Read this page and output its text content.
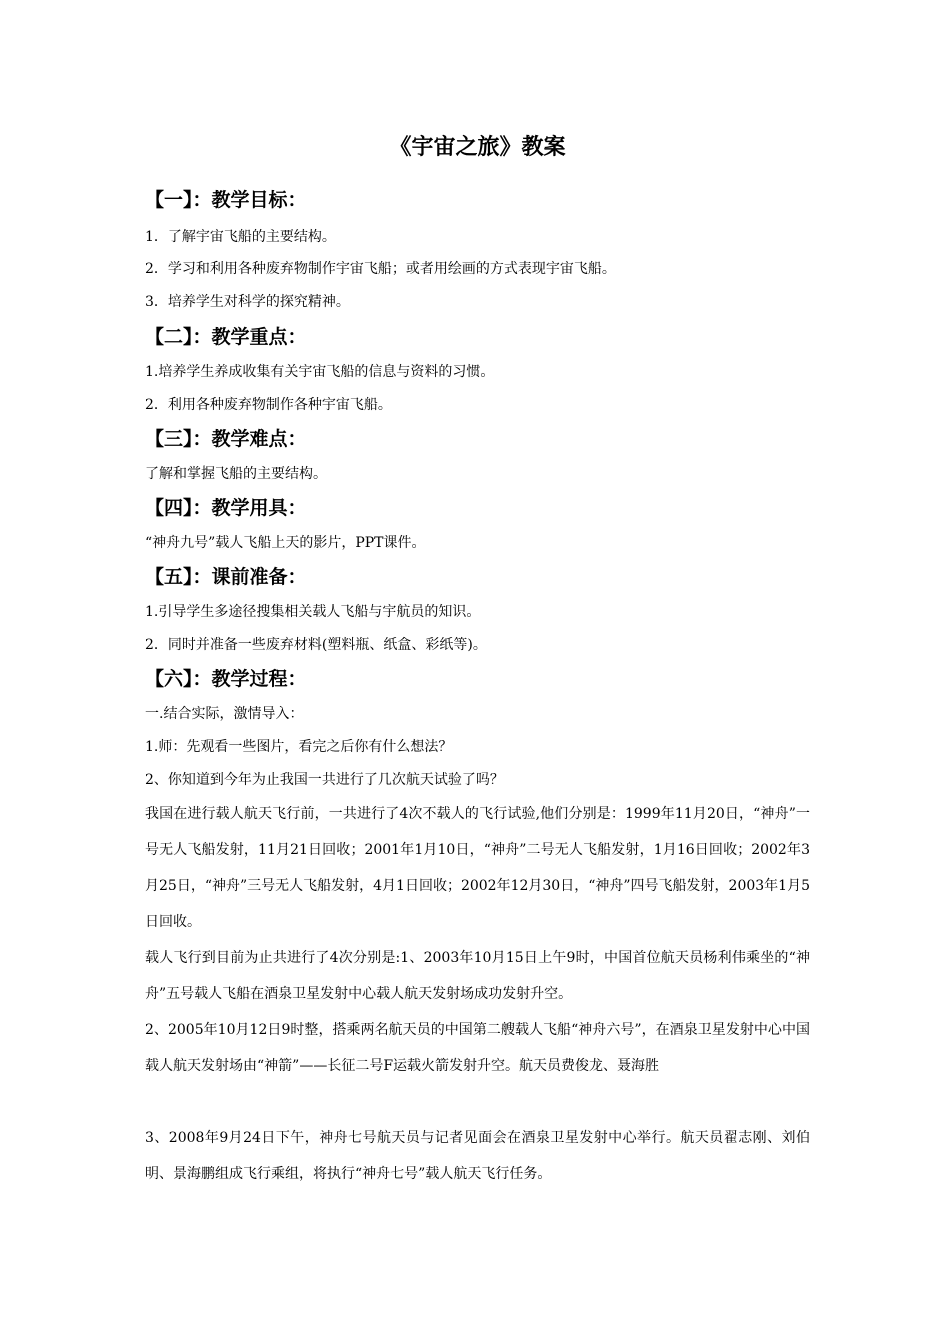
《宇宙之旅》教案
【一】：教学目标：
1．了解宇宙飞船的主要结构。
2．学习和利用各种废弃物制作宇宙飞船；或者用绘画的方式表现宇宙飞船。
3．培养学生对科学的探究精神。
【二】：教学重点：
1.培养学生养成收集有关宇宙飞船的信息与资料的习惯。
2．利用各种废弃物制作各种宇宙飞船。
【三】：教学难点：
了解和掌握飞船的主要结构。
【四】：教学用具：
“神舟九号”载人飞船上天的影片，PPT课件。
【五】：课前准备：
1.引导学生多途径搜集相关载人飞船与宇航员的知识。
2．同时并准备一些废弃材料(塑料瓶、纸盒、彩纸等)。
【六】：教学过程：
一.结合实际，激情导入：
1.师：先观看一些图片，看完之后你有什么想法？
2、你知道到今年为止我国一共进行了几次航天试验了吗？
我国在进行载人航天飞行前，一共进行了4次不载人的飞行试验,他们分别是：1999年11月20日，“神舟”一号无人飞船发射，11月21日回收；2001年1月10日，“神舟”二号无人飞船发射，1月16日回收；2002年3月25日，“神舟”三号无人飞船发射，4月1日回收；2002年12月30日，“神舟”四号飞船发射，2003年1月5日回收。
载人飞行到目前为止共进行了4次分别是:1、2003年10月15日上午9时，中国首位航天员杨利伟乘坐的“神舟”五号载人飞船在酒泉卫星发射中心载人航天发射场成功发射升空。
2、2005年10月12日9时整，搭乘两名航天员的中国第二艘载人飞船“神舟六号”，在酒泉卫星发射中心中国载人航天发射场由“神箭”——长征二号F运载火箭发射升空。航天员费俊龙、聂海胜
3、2008年9月24日下午，神舟七号航天员与记者见面会在酒泉卫星发射中心举行。航天员翟志刚、刘伯明、景海鹏组成飞行乘组，将执行“神舟七号”载人航天飞行任务。
